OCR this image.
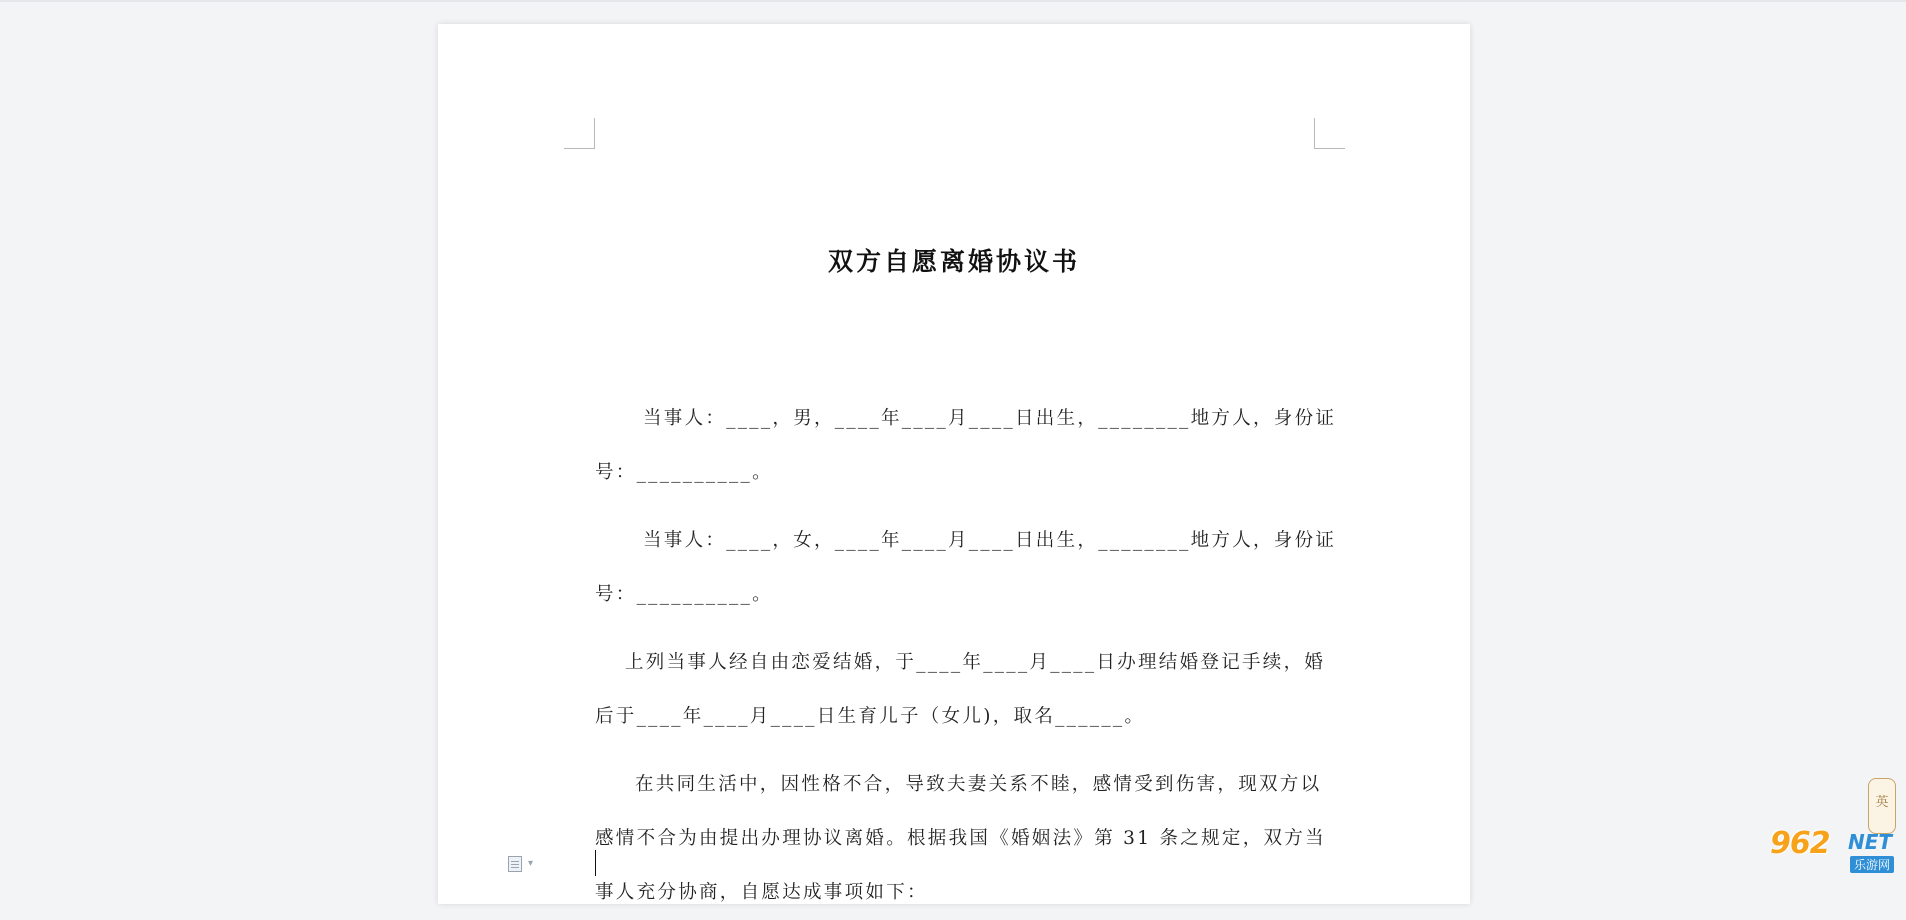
双方自愿离婚协议书
当事人：____，男，____年____月____日出生，________地方人，身份证
号：__________。
当事人：____，女，____年____月____日出生，________地方人，身份证
号：__________。
上列当事人经自由恋爱结婚，于____年____月____日办理结婚登记手续，婚
后于____年____月____日生育儿子（女儿)，取名______。
在共同生活中，因性格不合，导致夫妻关系不睦，感情受到伤害，现双方以
感情不合为由提出办理协议离婚。根据我国《婚姻法》第 31 条之规定，双方当
事人充分协商，自愿达成事项如下：
▾
英
962 NET
乐游网
